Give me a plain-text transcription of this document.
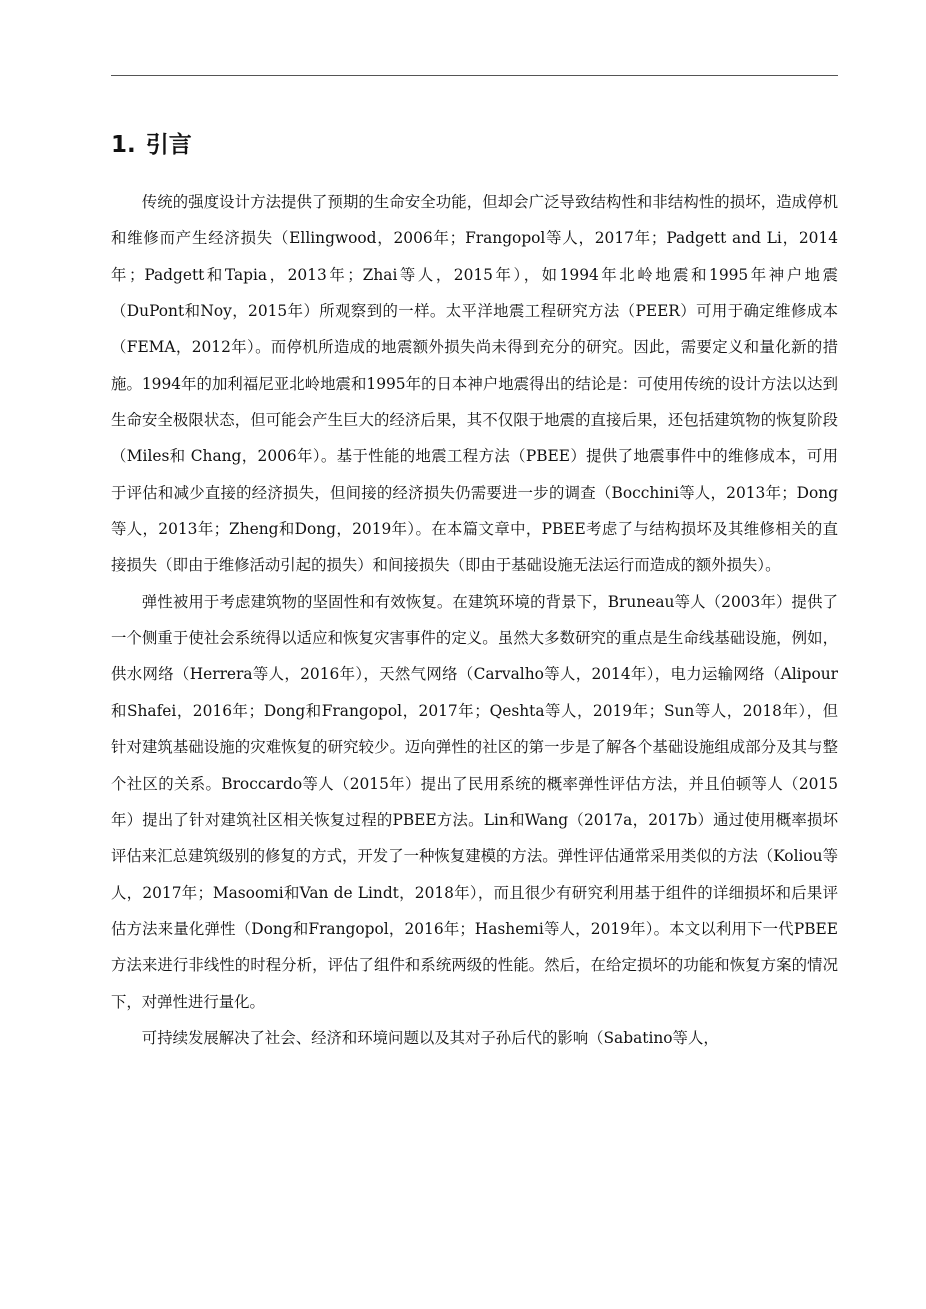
1. 引言

传统的强度设计方法提供了预期的生命安全功能，但却会广泛导致结构性和非结构性的损坏，造成停机和维修而产生经济损失（Ellingwood，2006年；Frangopol等人，2017年；Padgett and Li，2014年；Padgett和Tapia，2013年；Zhai等人，2015年），如1994年北岭地震和1995年神户地震（DuPont和Noy，2015年）所观察到的一样。太平洋地震工程研究方法（PEER）可用于确定维修成本（FEMA，2012年）。而停机所造成的地震额外损失尚未得到充分的研究。因此，需要定义和量化新的措施。1994年的加利福尼亚北岭地震和1995年的日本神户地震得出的结论是：可使用传统的设计方法以达到生命安全极限状态，但可能会产生巨大的经济后果，其不仅限于地震的直接后果，还包括建筑物的恢复阶段（Miles和 Chang，2006年）。基于性能的地震工程方法（PBEE）提供了地震事件中的维修成本，可用于评估和减少直接的经济损失，但间接的经济损失仍需要进一步的调查（Bocchini等人，2013年；Dong等人，2013年；Zheng和Dong，2019年）。在本篇文章中，PBEE考虑了与结构损坏及其维修相关的直接损失（即由于维修活动引起的损失）和间接损失（即由于基础设施无法运行而造成的额外损失）。

弹性被用于考虑建筑物的坚固性和有效恢复。在建筑环境的背景下，Bruneau等人（2003年）提供了一个侧重于使社会系统得以适应和恢复灾害事件的定义。虽然大多数研究的重点是生命线基础设施，例如，供水网络（Herrera等人，2016年），天然气网络（Carvalho等人，2014年），电力运输网络（Alipour和Shafei，2016年；Dong和Frangopol，2017年；Qeshta等人，2019年；Sun等人，2018年），但针对建筑基础设施的灾难恢复的研究较少。迈向弹性的社区的第一步是了解各个基础设施组成部分及其与整个社区的关系。Broccardo等人（2015年）提出了民用系统的概率弹性评估方法，并且伯顿等人（2015年）提出了针对建筑社区相关恢复过程的PBEE方法。Lin和Wang（2017a，2017b）通过使用概率损坏评估来汇总建筑级别的修复的方式，开发了一种恢复建模的方法。弹性评估通常采用类似的方法（Koliou等人，2017年；Masoomi和Van de Lindt，2018年），而且很少有研究利用基于组件的详细损坏和后果评估方法来量化弹性（Dong和Frangopol，2016年；Hashemi等人，2019年）。本文以利用下一代PBEE方法来进行非线性的时程分析，评估了组件和系统两级的性能。然后，在给定损坏的功能和恢复方案的情况下，对弹性进行量化。

可持续发展解决了社会、经济和环境问题以及其对子孙后代的影响（Sabatino等人，
